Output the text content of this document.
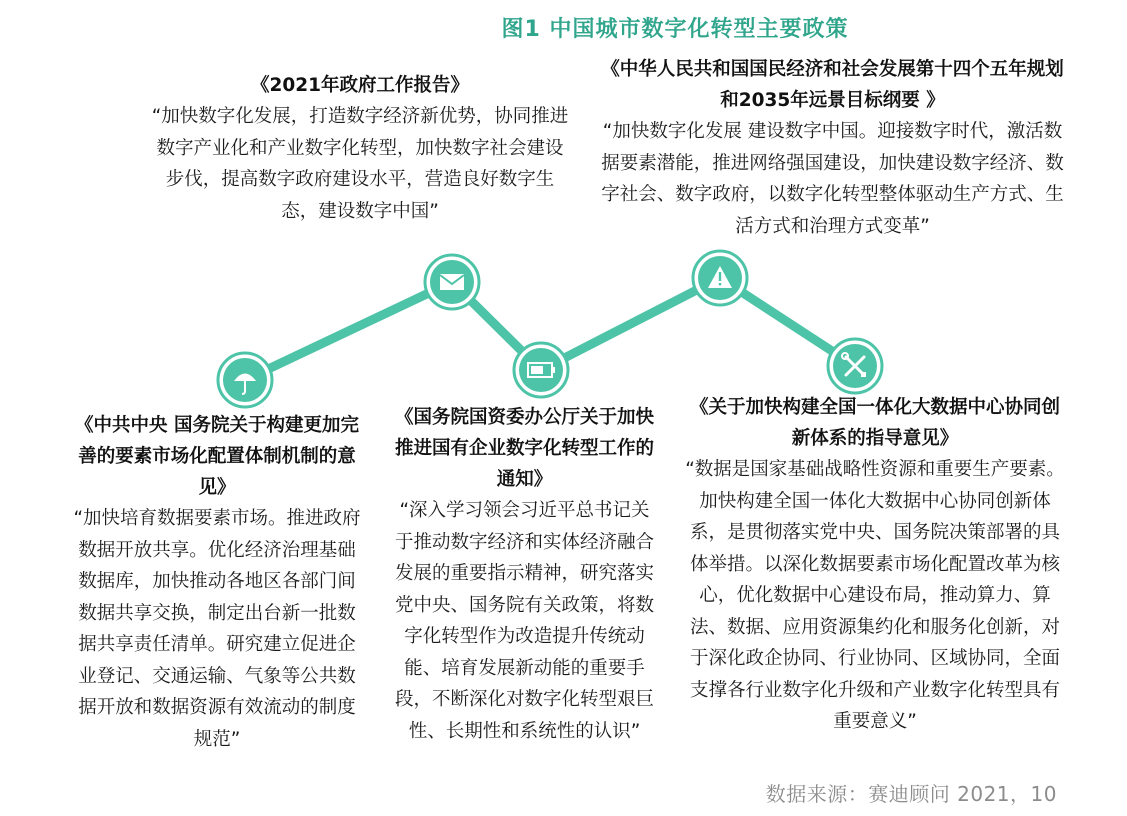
图1 中国城市数字化转型主要政策
《2021年政府工作报告》
“加快数字化发展，打造数字经济新优势，协同推进数字产业化和产业数字化转型，加快数字社会建设步伐，提高数字政府建设水平，营造良好数字生态，建设数字中国”
《中华人民共和国国民经济和社会发展第十四个五年规划和2035年远景目标纲要 》
“加快数字化发展 建设数字中国。迎接数字时代，激活数据要素潜能，推进网络强国建设，加快建设数字经济、数字社会、数字政府，以数字化转型整体驱动生产方式、生活方式和治理方式变革”
《中共中央 国务院关于构建更加完善的要素市场化配置体制机制的意见》
“加快培育数据要素市场。推进政府数据开放共享。优化经济治理基础数据库，加快推动各地区各部门间数据共享交换，制定出台新一批数据共享责任清单。研究建立促进企业登记、交通运输、气象等公共数据开放和数据资源有效流动的制度规范”
《国务院国资委办公厅关于加快推进国有企业数字化转型工作的通知》
“深入学习领会习近平总书记关于推动数字经济和实体经济融合发展的重要指示精神，研究落实党中央、国务院有关政策，将数字化转型作为改造提升传统动能、培育发展新动能的重要手段，不断深化对数字化转型艰巨性、长期性和系统性的认识”
《关于加快构建全国一体化大数据中心协同创新体系的指导意见》
“数据是国家基础战略性资源和重要生产要素。加快构建全国一体化大数据中心协同创新体系，是贯彻落实党中央、国务院决策部署的具体举措。以深化数据要素市场化配置改革为核心，优化数据中心建设布局，推动算力、算法、数据、应用资源集约化和服务化创新，对于深化政企协同、行业协同、区域协同，全面支撑各行业数字化升级和产业数字化转型具有重要意义”
数据来源：赛迪顾问 2021，10
